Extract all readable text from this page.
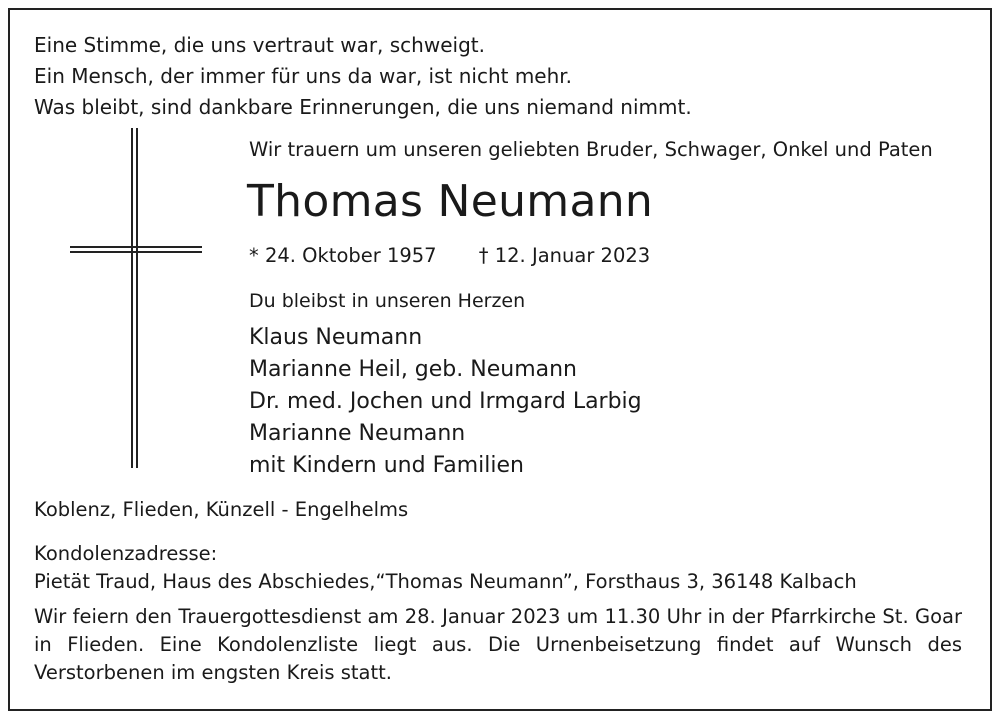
Eine Stimme, die uns vertraut war, schweigt.
Ein Mensch, der immer für uns da war, ist nicht mehr.
Was bleibt, sind dankbare Erinnerungen, die uns niemand nimmt.
Wir trauern um unseren geliebten Bruder, Schwager, Onkel und Paten
Thomas Neumann
* 24. Oktober 1957 † 12. Januar 2023
Du bleibst in unseren Herzen
Klaus Neumann
Marianne Heil, geb. Neumann
Dr. med. Jochen und Irmgard Larbig
Marianne Neumann
mit Kindern und Familien
Koblenz, Flieden, Künzell - Engelhelms
Kondolenzadresse:
Pietät Traud, Haus des Abschiedes,“Thomas Neumann”, Forsthaus 3, 36148 Kalbach
Wir feiern den Trauergottesdienst am 28. Januar 2023 um 11.30 Uhr in der Pfarrkirche St. Goar in Flieden. Eine Kondolenzliste liegt aus. Die Urnenbeisetzung findet auf Wunsch des Verstorbenen im engsten Kreis statt.
